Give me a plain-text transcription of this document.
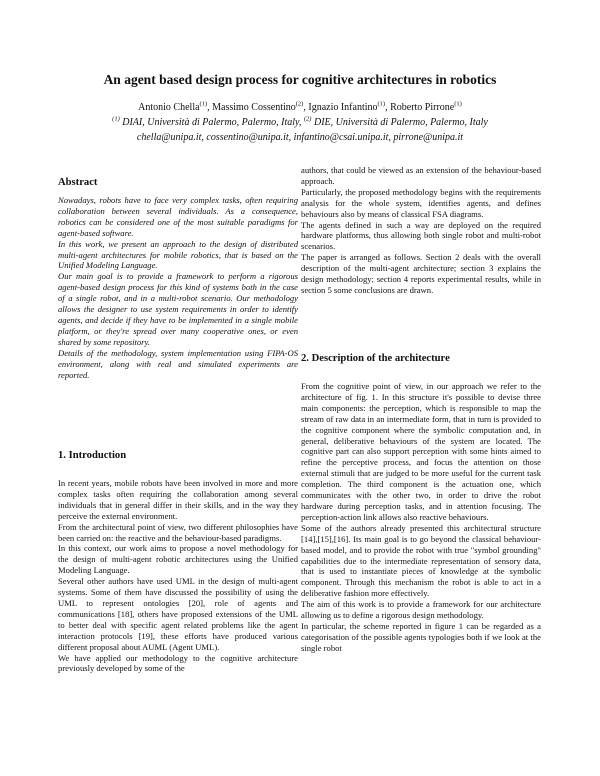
An agent based design process for cognitive architectures in robotics
Antonio Chella$^{(1)}$, Massimo Cossentino$^{(2)}$, Ignazio Infantino$^{(1)}$, Roberto Pirrone$^{(1)}$
$^{(1)}$ DIAI, Università di Palermo, Palermo, Italy, $^{(2)}$ DIE, Università di Palermo, Palermo, Italy
chella@unipa.it, cossentino@unipa.it, infantino@csai.unipa.it, pirrone@unipa.it
Abstract

Nowadays, robots have to face very complex tasks, often requiring collaboration between several individuals. As a consequence, robotics can be considered one of the most suitable paradigms for agent-based software.

In this work, we present an approach to the design of distributed multi-agent architectures for mobile robotics, that is based on the Unified Modeling Language.

Our main goal is to provide a framework to perform a rigorous agent-based design process for this kind of systems both in the case of a single robot, and in a multi-robot scenario. Our methodology allows the designer to use system requirements in order to identify agents, and decide if they have to be implemented in a single mobile platform, or they're spread over many cooperative ones, or even shared by some repository.

Details of the methodology, system implementation using FIPA-OS environment, along with real and simulated experiments are reported.

1. Introduction

In recent years, mobile robots have been involved in more and more complex tasks often requiring the collaboration among several individuals that in general differ in their skills, and in the way they perceive the external environment.

From the architectural point of view, two different philosophies have been carried on: the reactive and the behaviour-based paradigms.

In this context, our work aims to propose a novel methodology for the design of multi-agent robotic architectures using the Unified Modeling Language.

Several other authors have used UML in the design of multi-agent systems. Some of them have discussed the possibility of using the UML to represent ontologies [20], role of agents and communications [18], others have proposed extensions of the UML to better deal with specific agent related problems like the agent interaction protocols [19], these efforts have produced various different proposal about AUML (Agent UML).

We have applied our methodology to the cognitive architecture previously developed by some of the

authors, that could be viewed as an extension of the behaviour-based approach.

Particularly, the proposed methodology begins with the requirements analysis for the whole system, identifies agents, and defines behaviours also by means of classical FSA diagrams.

The agents defined in such a way are deployed on the required hardware platforms, thus allowing both single robot and multi-robot scenarios.

The paper is arranged as follows. Section 2 deals with the overall description of the multi-agent architecture; section 3 explains the design methodology; section 4 reports experimental results, while in section 5 some conclusions are drawn.

2. Description of the architecture

From the cognitive point of view, in our approach we refer to the architecture of fig. 1. In this structure it's possible to devise three main components: the perception, which is responsible to map the stream of raw data in an intermediate form, that in turn is provided to the cognitive component where the symbolic computation and, in general, deliberative behaviours of the system are located. The cognitive part can also support perception with some hints aimed to refine the perceptive process, and focus the attention on those external stimuli that are judged to be more useful for the current task completion. The third component is the actuation one, which communicates with the other two, in order to drive the robot hardware during perception tasks, and in attention focusing. The perception-action link allows also reactive behaviours.

Some of the authors already presented this architectural structure [14],[15],[16]. Its main goal is to go beyond the classical behaviour-based model, and to provide the robot with true "symbol grounding" capabilities due to the intermediate representation of sensory data, that is used to instantiate pieces of knowledge at the symbolic component. Through this mechanism the robot is able to act in a deliberative fashion more effectively.

The aim of this work is to provide a framework for our architecture allowing us to define a rigorous design methodology.

In particular, the scheme reported in figure 1 can be regarded as a categorisation of the possible agents typologies both if we look at the single robot
